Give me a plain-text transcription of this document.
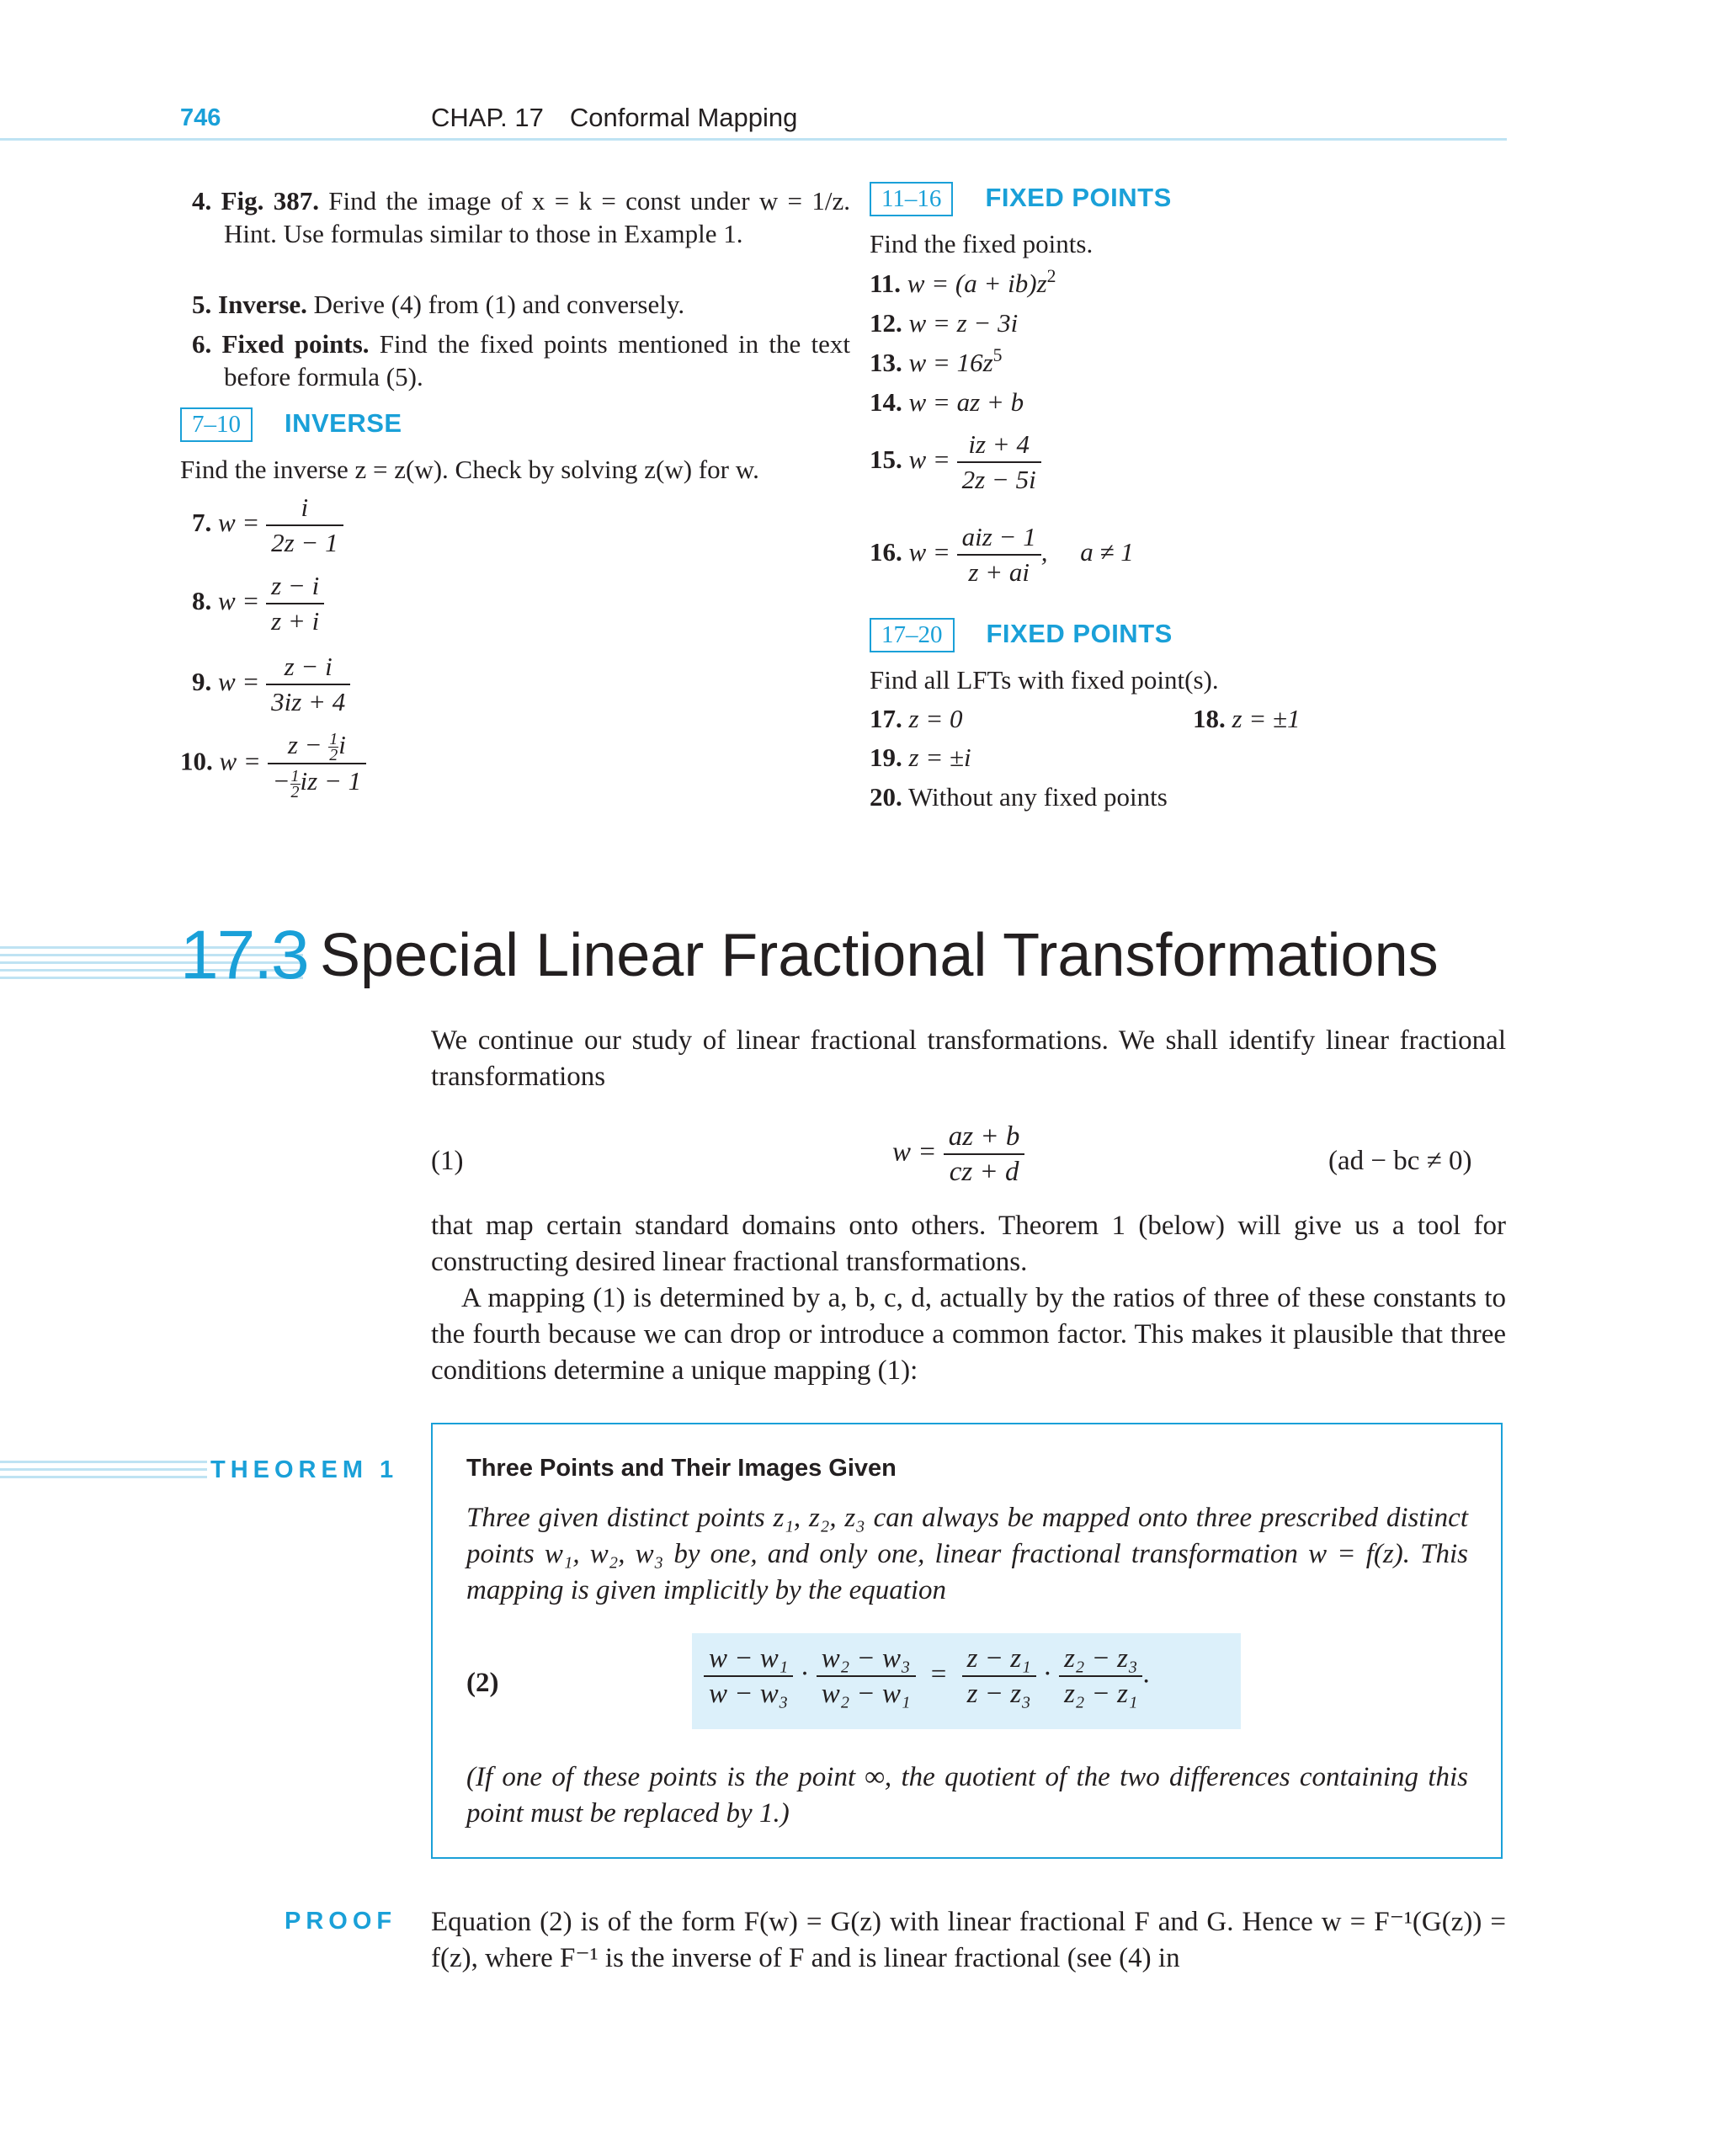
746	CHAP. 17 Conformal Mapping
4. Fig. 387. Find the image of x = k = const under w = 1/z. Hint. Use formulas similar to those in Example 1.
5. Inverse. Derive (4) from (1) and conversely.
6. Fixed points. Find the fixed points mentioned in the text before formula (5).
7–10 INVERSE
Find the inverse z = z(w). Check by solving z(w) for w.
7. $w = \frac{i}{2z - 1}$
8. $w = \frac{z - i}{z + i}$
9. $w = \frac{z - i}{3iz + 4}$
10. $w = \frac{z - \frac{1}{2} i}{- \frac{1}{2} iz - 1}$
11–16 FIXED POINTS
Find the fixed points.
11. $w = (a + ib)z^2$
12. w = z − 3i
13. $w = 16z^5$
14. w = az + b
15. $w = \frac{iz + 4}{2z - 5i}$
16. $w = \frac{\text{aiz − 1}}{z + ai}$ ,  a ≠ 1
17–20 FIXED POINTS
Find all LFTs with fixed point(s).
17. z = 0	18. z = ±1
19. z = ±i
20. Without any fixed points
17.3 Special Linear Fractional Transformations
We continue our study of linear fractional transformations. We shall identify linear fractional transformations
(1)	$w = \frac{az + b}{cz + d}$	(ad − bc ≠ 0)
that map certain standard domains onto others. Theorem 1 (below) will give us a tool for constructing desired linear fractional transformations.
A mapping (1) is determined by a, b, c, d, actually by the ratios of three of these constants to the fourth because we can drop or introduce a common factor. This makes it plausible that three conditions determine a unique mapping (1):
THEOREM 1	Three Points and Their Images Given
Three given distinct points z₁, z₂, z₃ can always be mapped onto three prescribed distinct points w₁, w₂, w₃ by one, and only one, linear fractional transformation w = f(z). This mapping is given implicitly by the equation
(2)	$\frac{\text{w − w₁}}{\text{w − w₃}} \cdot \frac{\text{w₂ − w₃}}{\text{w₂ − w₁}} = \frac{\text{z − z₁}}{\text{z − z₃}} \cdot \frac{\text{z₂ − z₃}}{\text{z₂ − z₁}}$ .
(If one of these points is the point ∞, the quotient of the two differences containing this point must be replaced by 1.)
PROOF Equation (2) is of the form F(w) = G(z) with linear fractional F and G. Hence w = F⁻¹(G(z)) = f(z), where F⁻¹ is the inverse of F and is linear fractional (see (4) in
